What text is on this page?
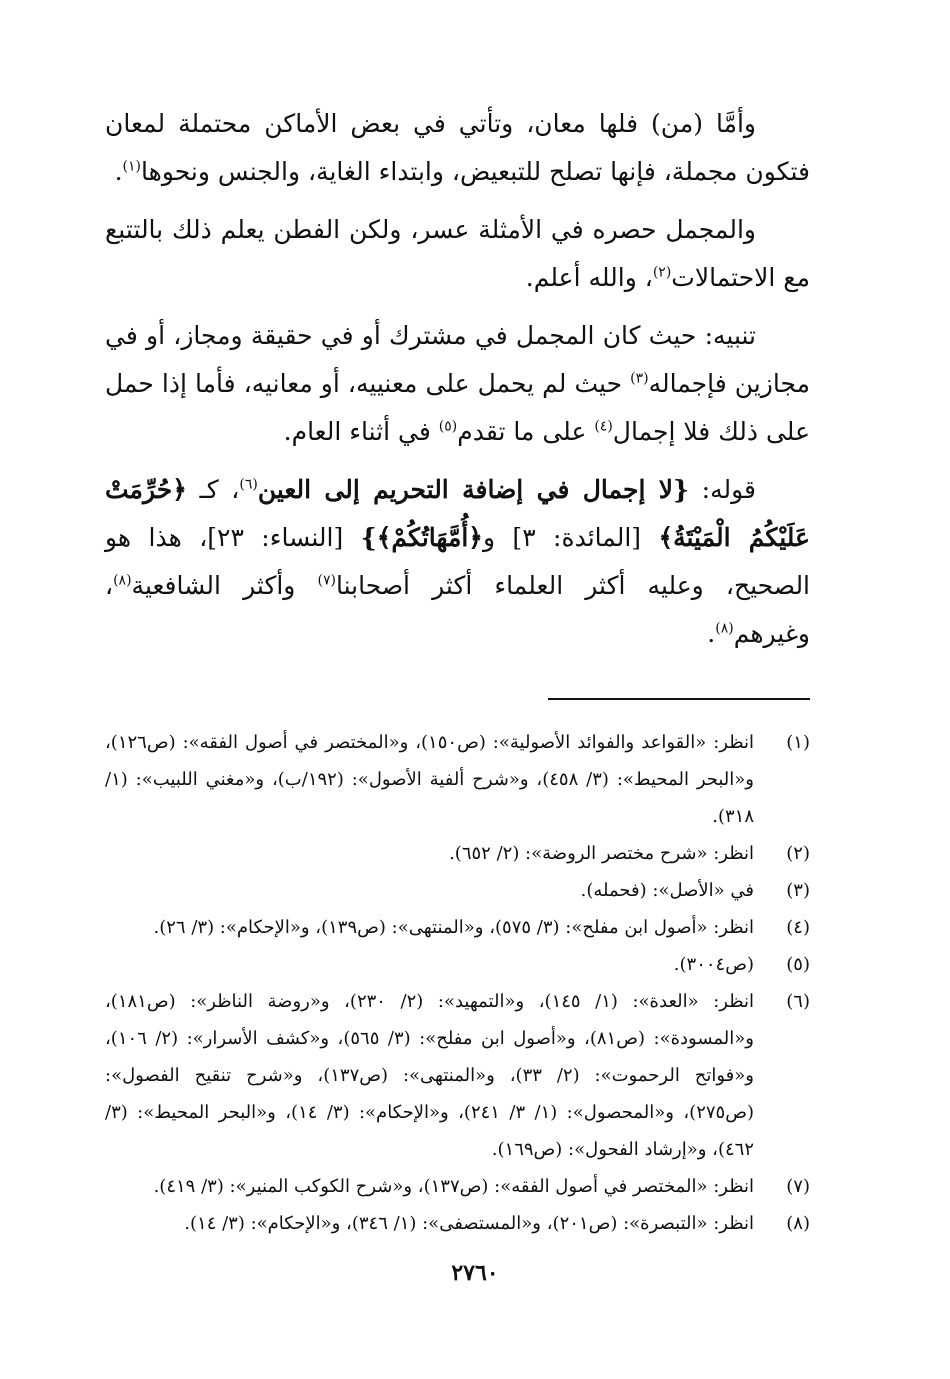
وأمَّا (من) فلها معان، وتأتي في بعض الأماكن محتملة لمعان فتكون مجملة، فإنها تصلح للتبعيض، وابتداء الغاية، والجنس ونحوها$^{(١)}$.

والمجمل حصره في الأمثلة عسر، ولكن الفطن يعلم ذلك بالتتبع مع الاحتمالات$^{(٢)}$، والله أعلم.

تنبيه: حيث كان المجمل في مشترك أو في حقيقة ومجاز، أو في مجازين فإجماله$^{(٣)}$ حيث لم يحمل على معنييه، أو معانيه، فأما إذا حمل على ذلك فلا إجمال$^{(٤)}$ على ما تقدم$^{(٥)}$ في أثناء العام.

قوله: {لا إجمال في إضافة التحريم إلى العين$^{(٦)}$، كـ ﴿حُرِّمَتْ عَلَيْكُمُ الْمَيْتَةُ﴾ [المائدة: ٣] و﴿أُمَّهَاتُكُمْ﴾} [النساء: ٢٣]، هذا هو الصحيح، وعليه أكثر العلماء أكثر أصحابنا$^{(٧)}$ وأكثر الشافعية$^{(٨)}$، وغيرهم$^{(٨)}$.

(١)
انظر: «القواعد والفوائد الأصولية»: (ص١٥٠)، و«المختصر في أصول الفقه»: (ص١٢٦)، و«البحر المحيط»: (٣/ ٤٥٨)، و«شرح ألفية الأصول»: (١٩٢/ب)، و«مغني اللبيب»: (١/ ٣١٨).
(٢)
انظر: «شرح مختصر الروضة»: (٢/ ٦٥٢).
(٣)
في «الأصل»: (فحمله).
(٤)
انظر: «أصول ابن مفلح»: (٣/ ٥٧٥)، و«المنتهى»: (ص١٣٩)، و«الإحكام»: (٣/ ٢٦).
(٥)
(ص٣٠٠٤).
(٦)
انظر: «العدة»: (١/ ١٤٥)، و«التمهيد»: (٢/ ٢٣٠)، و«روضة الناظر»: (ص١٨١)، و«المسودة»: (ص٨١)، و«أصول ابن مفلح»: (٣/ ٥٦٥)، و«كشف الأسرار»: (٢/ ١٠٦)، و«فواتح الرحموت»: (٢/ ٣٣)، و«المنتهى»: (ص١٣٧)، و«شرح تنقيح الفصول»: (ص٢٧٥)، و«المحصول»: (١/ ٣/ ٢٤١)، و«الإحكام»: (٣/ ١٤)، و«البحر المحيط»: (٣/ ٤٦٢)، و«إرشاد الفحول»: (ص١٦٩).
(٧)
انظر: «المختصر في أصول الفقه»: (ص١٣٧)، و«شرح الكوكب المنير»: (٣/ ٤١٩).
(٨)
انظر: «التبصرة»: (ص٢٠١)، و«المستصفى»: (١/ ٣٤٦)، و«الإحكام»: (٣/ ١٤).
٢٧٦٠
